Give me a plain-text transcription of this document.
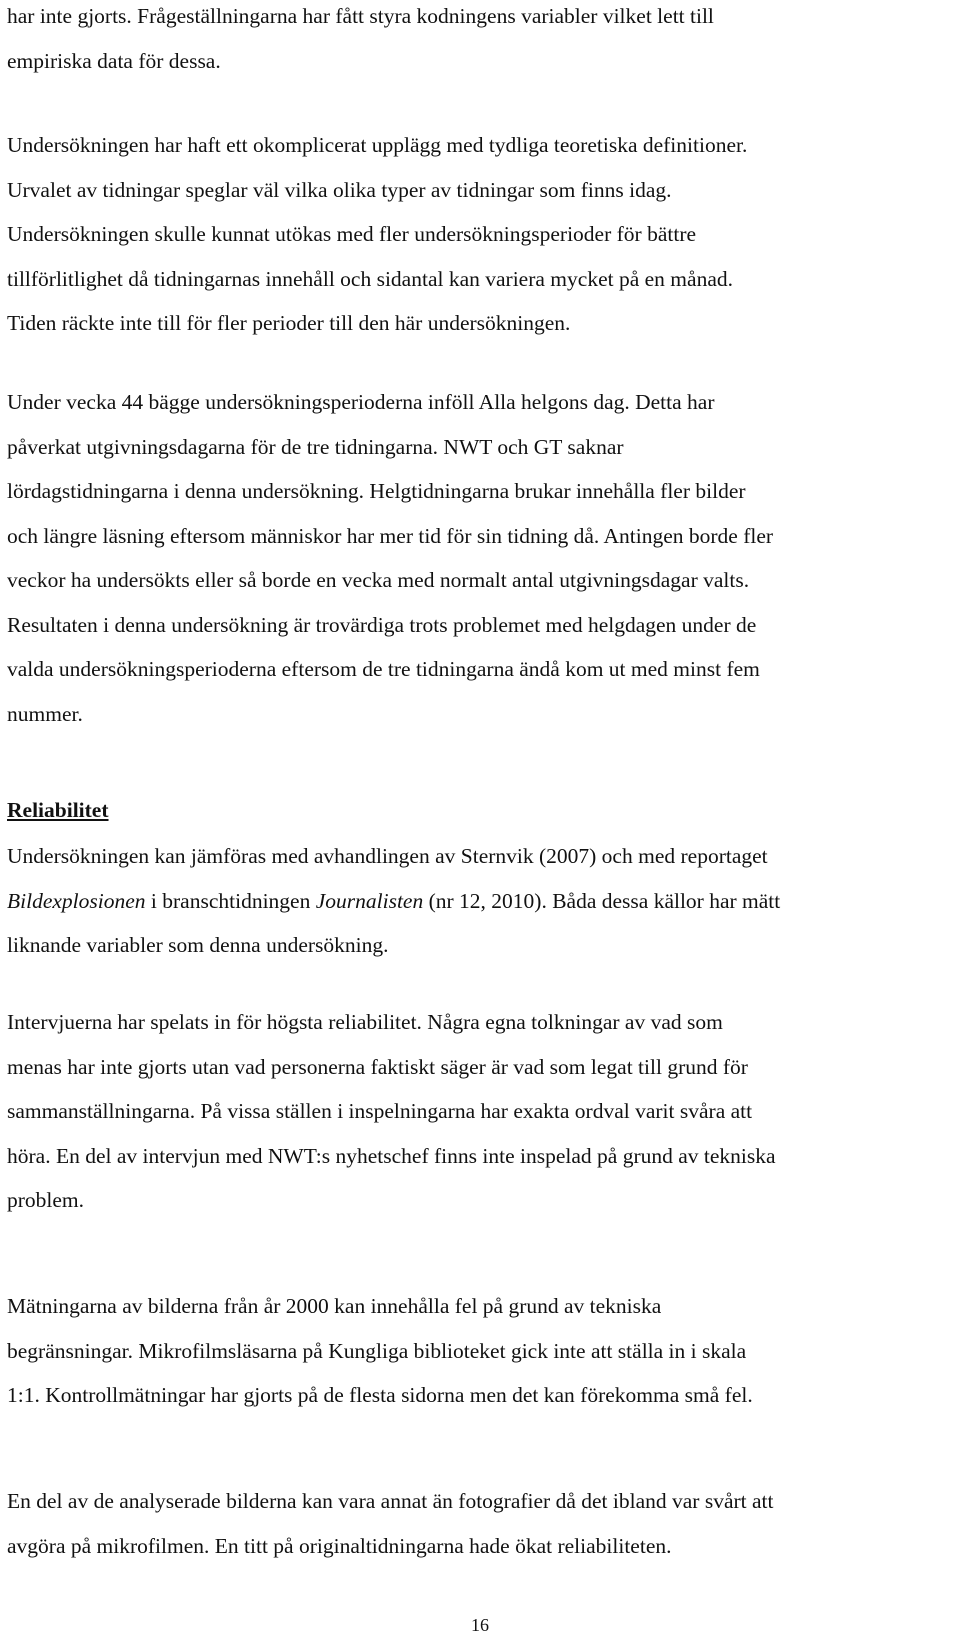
har inte gjorts. Frågeställningarna har fått styra kodningens variabler vilket lett till
empiriska data för dessa.
Undersökningen har haft ett okomplicerat upplägg med tydliga teoretiska definitioner.
Urvalet av tidningar speglar väl vilka olika typer av tidningar som finns idag.
Undersökningen skulle kunnat utökas med fler undersökningsperioder för bättre
tillförlitlighet då tidningarnas innehåll och sidantal kan variera mycket på en månad.
Tiden räckte inte till för fler perioder till den här undersökningen.
Under vecka 44 bägge undersökningsperioderna inföll Alla helgons dag. Detta har
påverkat utgivningsdagarna för de tre tidningarna. NWT och GT saknar
lördagstidningarna i denna undersökning. Helgtidningarna brukar innehålla fler bilder
och längre läsning eftersom människor har mer tid för sin tidning då. Antingen borde fler
veckor ha undersökts eller så borde en vecka med normalt antal utgivningsdagar valts.
Resultaten i denna undersökning är trovärdiga trots problemet med helgdagen under de
valda undersökningsperioderna eftersom de tre tidningarna ändå kom ut med minst fem
nummer.
Reliabilitet
Undersökningen kan jämföras med avhandlingen av Sternvik (2007) och med reportaget
Bildexplosionen i branschtidningen Journalisten (nr 12, 2010). Båda dessa källor har mätt
liknande variabler som denna undersökning.
Intervjuerna har spelats in för högsta reliabilitet. Några egna tolkningar av vad som
menas har inte gjorts utan vad personerna faktiskt säger är vad som legat till grund för
sammanställningarna. På vissa ställen i inspelningarna har exakta ordval varit svåra att
höra. En del av intervjun med NWT:s nyhetschef finns inte inspelad på grund av tekniska
problem.
Mätningarna av bilderna från år 2000 kan innehålla fel på grund av tekniska
begränsningar. Mikrofilmsläsarna på Kungliga biblioteket gick inte att ställa in i skala
1:1. Kontrollmätningar har gjorts på de flesta sidorna men det kan förekomma små fel.
En del av de analyserade bilderna kan vara annat än fotografier då det ibland var svårt att
avgöra på mikrofilmen. En titt på originaltidningarna hade ökat reliabiliteten.
16
